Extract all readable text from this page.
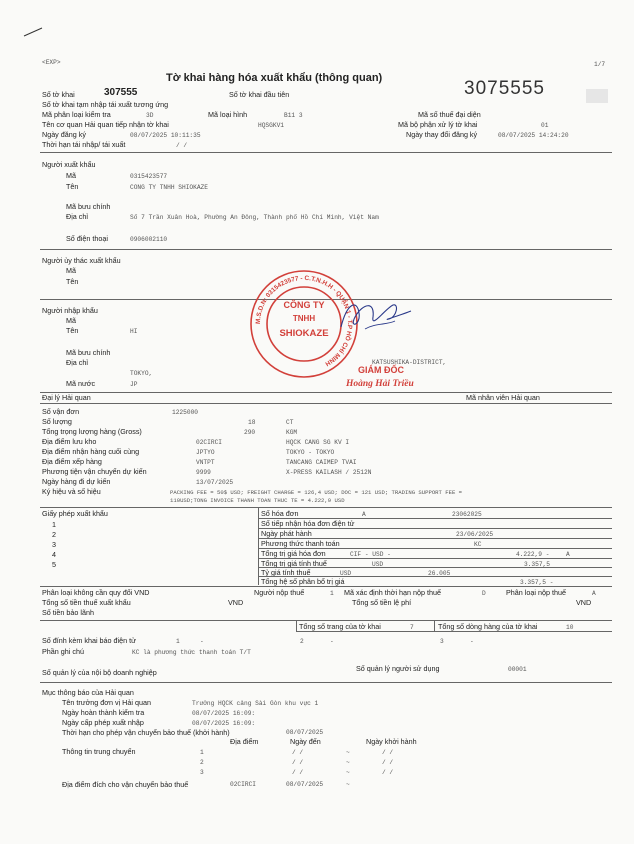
<EXP>	1/7
Tờ khai hàng hóa xuất khẩu (thông quan)	3075555
Số tờ khai	307555	Số tờ khai đầu tiên
Số tờ khai tạm nhập tái xuất tương ứng
Mã phân loại kiểm tra	3D	Mã loại hình	B11 3	Mã số thuế đại diện
Tên cơ quan Hải quan tiếp nhận tờ khai	HQSGKV1	Mã bộ phận xử lý tờ khai	01
Ngày đăng ký	08/07/2025 10:11:35	Ngày thay đổi đăng ký	08/07/2025 14:24:20
Thời hạn tái nhập/ tái xuất	/ /
Người xuất khẩu
Mã	0315423577
Tên	CONG TY TNHH SHIOKAZE
Mã bưu chính
Địa chỉ	Số 7 Trần Xuân Hoà, Phường An Đông, Thành phố Hồ Chí Minh, Việt Nam
Số điện thoại	0906002110
Người ủy thác xuất khẩu
Mã
Tên
Người nhập khẩu
Mã
Tên	HI
Mã bưu chính
Địa chỉ
TOKYO,
KATSUSHIKA-DISTRICT,
Mã nước	JP
Đại lý Hải quan	Mã nhân viên Hải quan
Số vận đơn	1225000
Số lượng	18	CT
Tổng trọng lượng hàng (Gross)	290	KGM
Địa điểm lưu kho	02CIRCI	HQCK CANG SG KV I
Địa điểm nhận hàng cuối cùng	JPTYO	TOKYO - TOKYO
Địa điểm xếp hàng	VNTPT	TANCANG CAIMEP TVAI
Phương tiện vận chuyển dự kiến	9999	X-PRESS KAILASH / 2512N
Ngày hàng đi dự kiến	13/07/2025
Ký hiệu và số hiệu	PACKING FEE = 50$ USD; FREIGHT CHARGE = 126,4 USD; DOC = 121 USD; TRADING SUPPORT FEE =
110USD;TONG INVOICE THANH TOAN THUC TE = 4.222,9 USD
Giấy phép xuất khẩu
1
2
3
4
5
Số hóa đơn	A	23062025
Số tiếp nhận hóa đơn điện tử
Ngày phát hành	23/06/2025
Phương thức thanh toán	KC
Tổng trị giá hóa đơn	CIF - USD -	4.222,9 -	A
Tổng trị giá tính thuế	USD	3.357,5
Tỷ giá tính thuế	USD	26.005
Tổng hệ số phân bổ trị giá	3.357,5 -
Phân loại không cần quy đổi VND	Người nộp thuế	1 Mã xác định thời hạn nộp thuế	D	Phân loại nộp thuế	A
Tổng số tiền thuế xuất khẩu	VND	Tổng số tiền lệ phí	VND
Số tiền bảo lãnh
Tổng số trang của tờ khai	7	Tổng số dòng hàng của tờ khai	10
Số đính kèm khai báo điện tử	1	-	2	-	3	-
Phần ghi chú	KC là phương thức thanh toán T/T
Số quản lý của nội bộ doanh nghiệp	Số quản lý người sử dụng	00001
Mục thông báo của Hải quan
Tên trưởng đơn vị Hải quan	Trưởng HQCK cảng Sài Gòn khu vực 1
Ngày hoàn thành kiểm tra	08/07/2025 16:09:
Ngày cấp phép xuất nhập	08/07/2025 16:09:
Thời hạn cho phép vận chuyển bảo thuế (khởi hành)	08/07/2025
Địa điểm	Ngày đến	Ngày khởi hành
Thông tin trung chuyển	1	/ /	~	/ /
2	/ /	~	/ /
3	/ /	~	/ /
Địa điểm đích cho vận chuyển bảo thuế	02CIRCI	08/07/2025	~
M.S.D.N: 0315423577 - C.T.N.H.H - QUẬN 1 - T.P HỒ CHÍ MINH
CÔNG TY
TNHH
SHIOKAZE
GIÁM ĐỐC
Hoàng Hải Triều
